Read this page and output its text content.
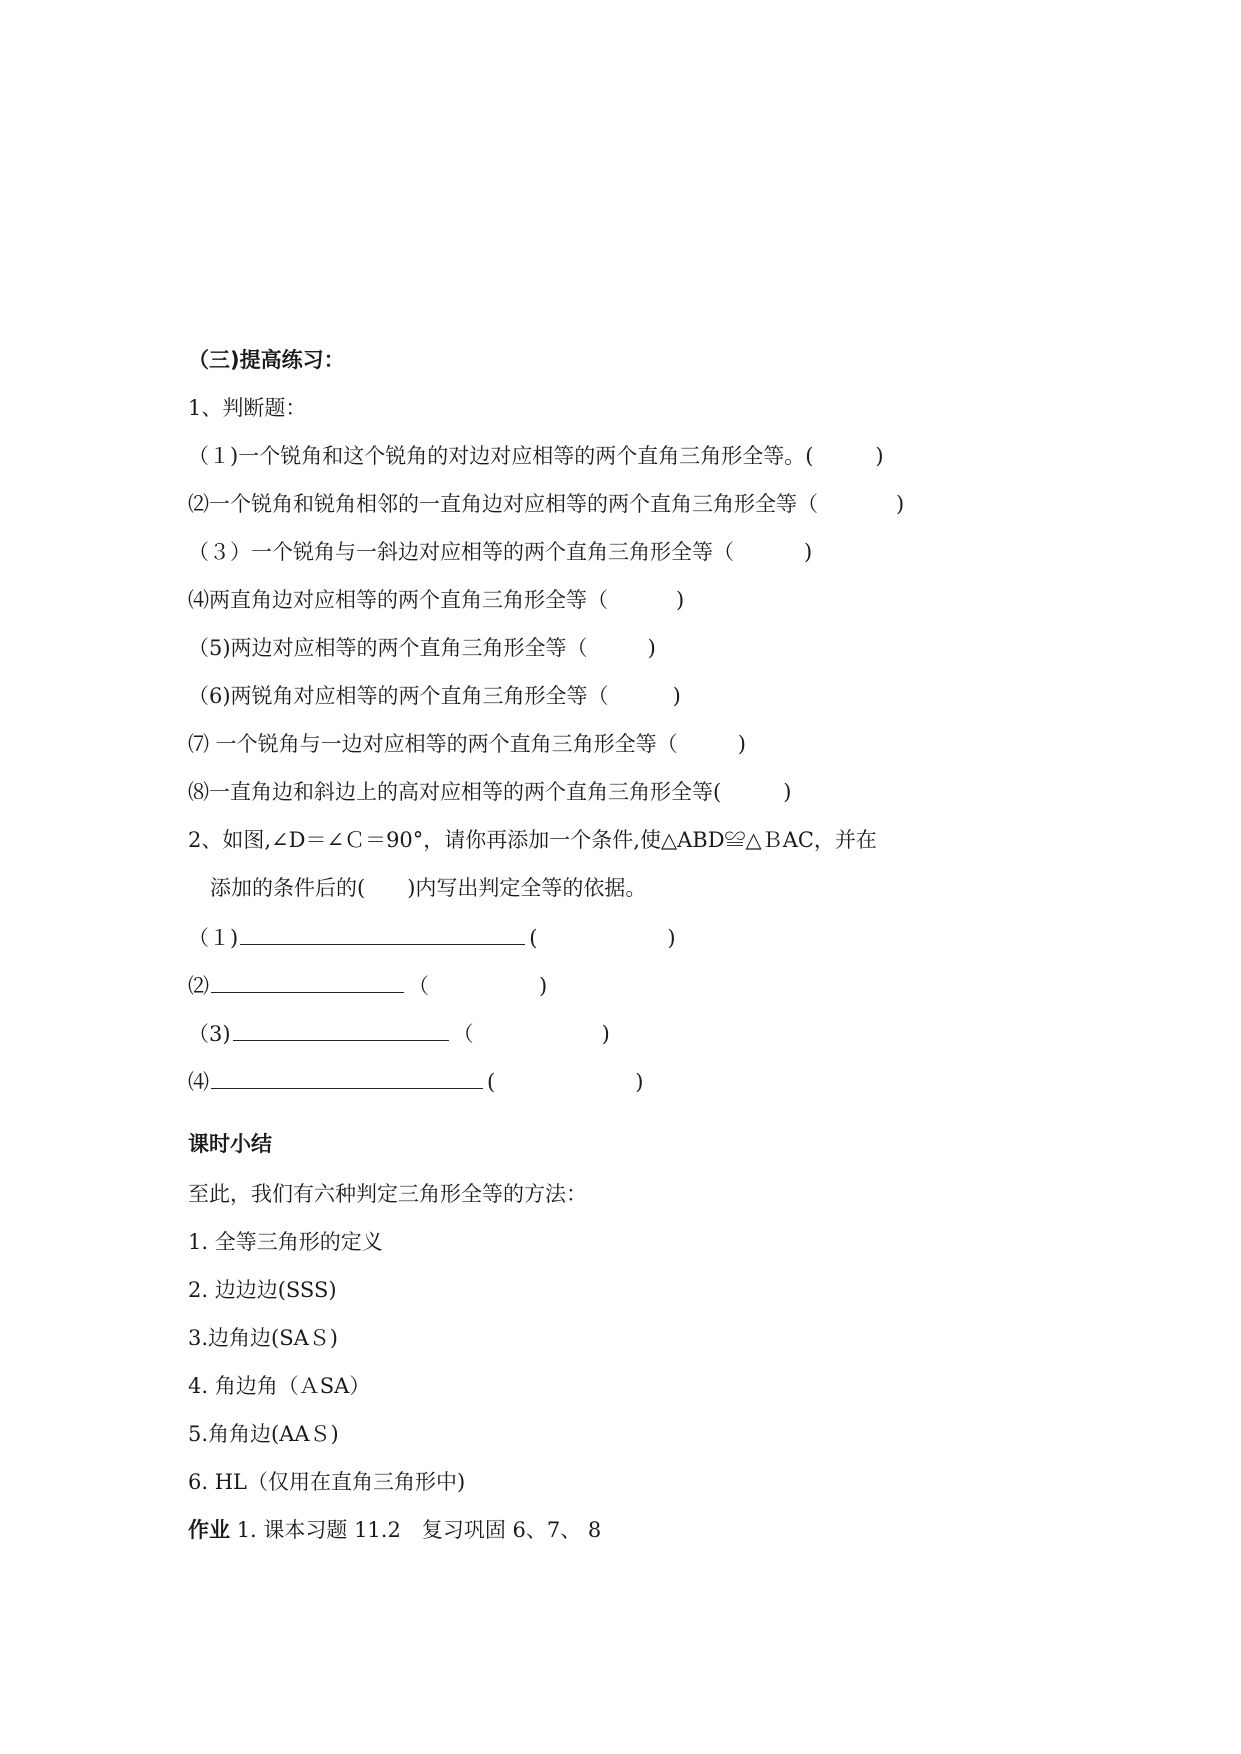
（三)提高练习：
1、判断题：
（１)一个锐角和这个锐角的对边对应相等的两个直角三角形全等。(	)
⑵一个锐角和锐角相邻的一直角边对应相等的两个直角三角形全等（	)
（３）一个锐角与一斜边对应相等的两个直角三角形全等（	)
⑷两直角边对应相等的两个直角三角形全等（	)
（5)两边对应相等的两个直角三角形全等（	)
（6)两锐角对应相等的两个直角三角形全等（	)
⑺ 一个锐角与一边对应相等的两个直角三角形全等（	)
⑻一直角边和斜边上的高对应相等的两个直角三角形全等(	)
2、如图,∠D＝∠Ｃ＝90°，请你再添加一个条件,使△ABD≌△ＢAC，并在
添加的条件后的(　　)内写出判定全等的依据。
（１)	(	)
⑵	（	)
（3)	（	)
⑷	(	)
课时小结
至此，我们有六种判定三角形全等的方法：
1. 全等三角形的定义
2. 边边边(SSS)
3.边角边(SAＳ)
4. 角边角（ＡSA）
5.角角边(AAＳ)
6. HL（仅用在直角三角形中)
作业 1. 课本习题 11.2　复习巩固 6、7、 8
